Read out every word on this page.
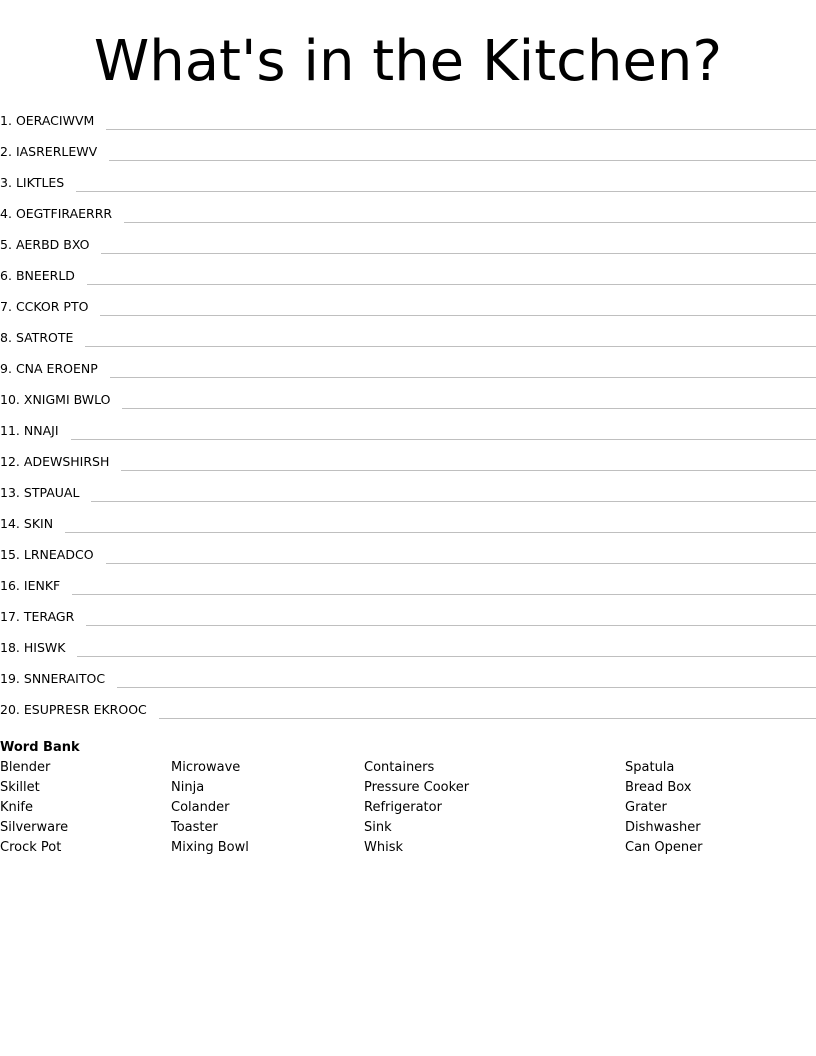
What's in the Kitchen?
1. OERACIWVM
2. IASRERLEWV
3. LIKTLES
4. OEGTFIRAERRR
5. AERBD BXO
6. BNEERLD
7. CCKOR PTO
8. SATROTE
9. CNA EROENP
10. XNIGMI BWLO
11. NNAJI
12. ADEWSHIRSH
13. STPAUAL
14. SKIN
15. LRNEADCO
16. IENKF
17. TERAGR
18. HISWK
19. SNNERAITOC
20. ESUPRESR EKROOC
Word Bank
Blender
Skillet
Knife
Silverware
Crock Pot
Microwave
Ninja
Colander
Toaster
Mixing Bowl
Containers
Pressure Cooker
Refrigerator
Sink
Whisk
Spatula
Bread Box
Grater
Dishwasher
Can Opener
